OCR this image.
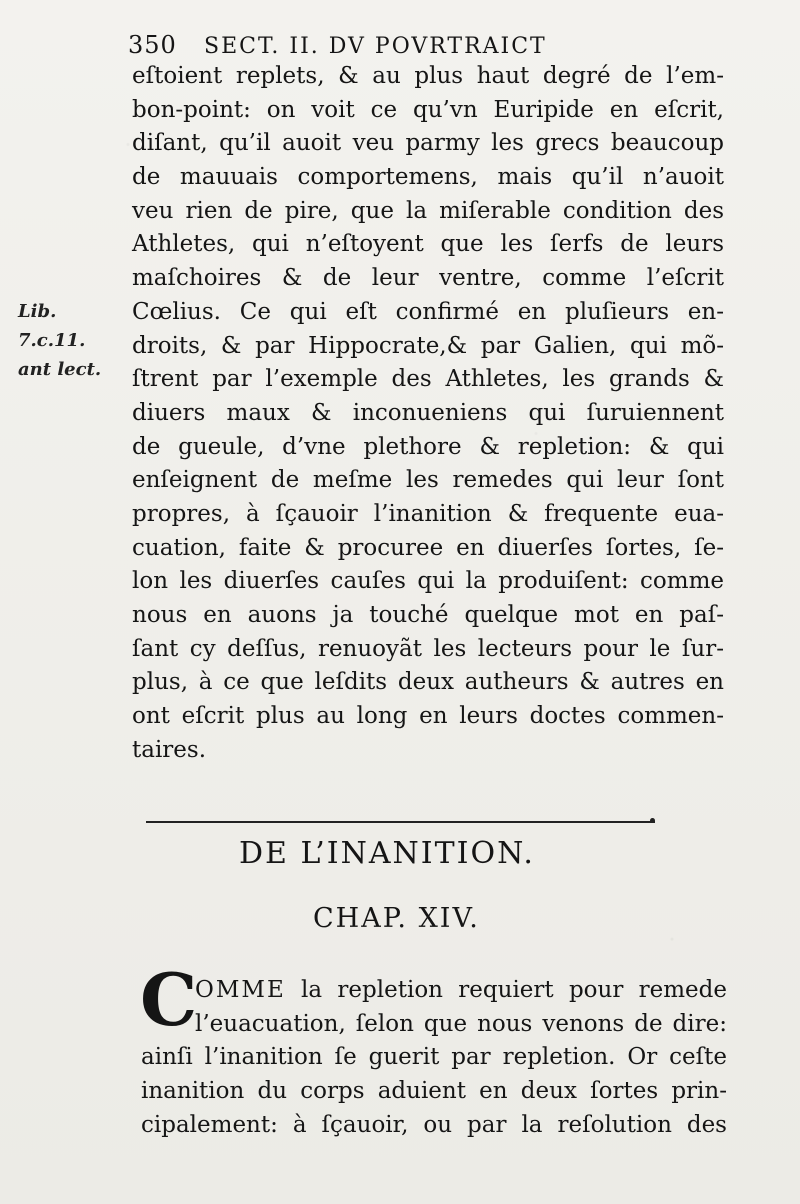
350 SECT. II. DV POVRTRAICT
Lib. 7.c.11.
ant lect.
eſtoient replets, & au plus haut degré de l’em-
bon-point: on voit ce qu’vn Euripide en eſcrit,
diſant, qu’il auoit veu parmy les grecs beaucoup
de mauuais comportemens, mais qu’il n’auoit
veu rien de pire, que la miſerable condition des
Athletes, qui n’eſtoyent que les ſerfs de leurs
maſchoires & de leur ventre, comme l’eſcrit
Cœlius. Ce qui eſt confirmé en pluſieurs en-
droits, & par Hippocrate,& par Galien, qui mõ-
ſtrent par l’exemple des Athletes, les grands &
diuers maux & inconueniens qui ſuruiennent
de gueule, d’vne plethore & repletion: & qui
enſeignent de meſme les remedes qui leur ſont
propres, à ſçauoir l’inanition & frequente eua-
cuation, faite & procuree en diuerſes ſortes, ſe-
lon les diuerſes cauſes qui la produiſent: comme
nous en auons ja touché quelque mot en paſ-
ſant cy deſſus, renuoyãt les lecteurs pour le ſur-
plus, à ce que leſdits deux autheurs & autres en
ont eſcrit plus au long en leurs doctes commen-
taires.
DE L’INANITION.
CHAP. XIV.
C
OMME la repletion requiert pour remede
l’euacuation, ſelon que nous venons de dire:
ainſi l’inanition ſe guerit par repletion. Or ceſte
inanition du corps aduient en deux ſortes prin-
cipalement: à ſçauoir, ou par la reſolution des
